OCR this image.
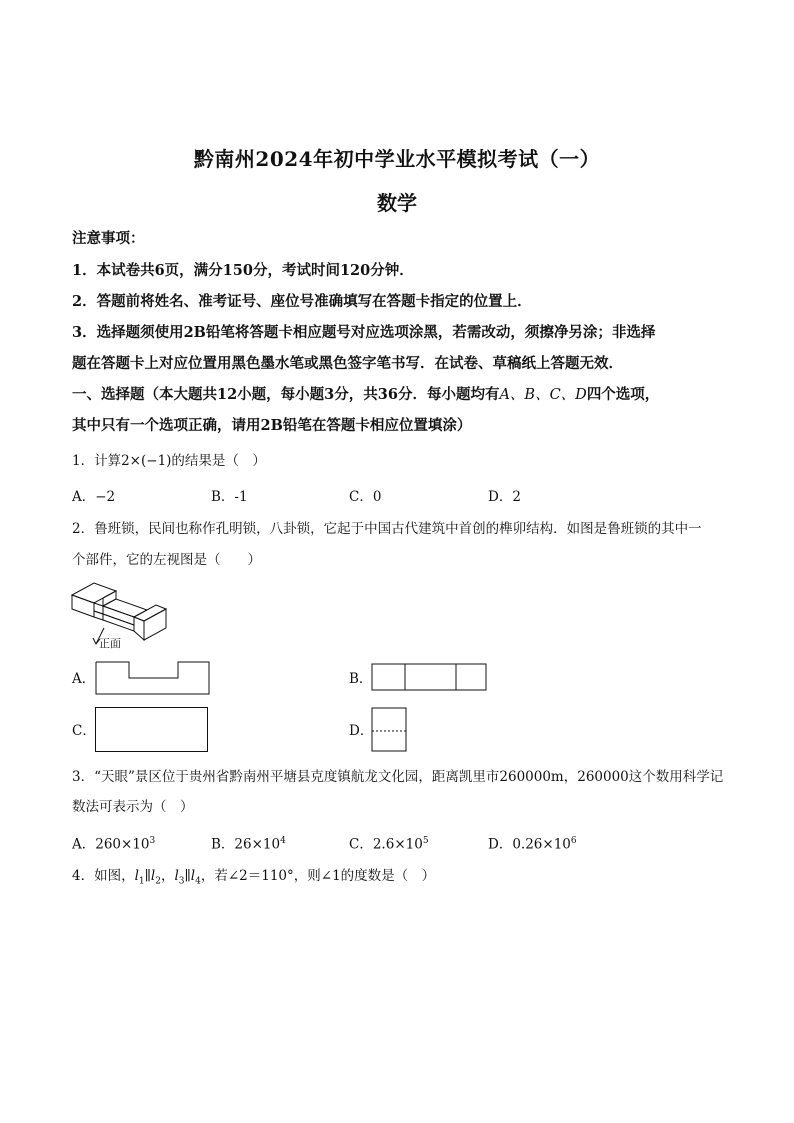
黔南州2024年初中学业水平模拟考试（一）
数学
注意事项：
1．本试卷共6页，满分150分，考试时间120分钟．
2．答题前将姓名、准考证号、座位号准确填写在答题卡指定的位置上．
3．选择题须使用2B铅笔将答题卡相应题号对应选项涂黑，若需改动，须擦净另涂；非选择
题在答题卡上对应位置用黑色墨水笔或黑色签字笔书写．在试卷、草稿纸上答题无效．
一、选择题（本大题共12小题，每小题3分，共36分．每小题均有A、B、C、D四个选项，
其中只有一个选项正确，请用2B铅笔在答题卡相应位置填涂）
1．计算2×(−1)的结果是（　）
A．−2	B．-1	C．0	D．2
2．鲁班锁，民间也称作孔明锁，八卦锁，它起于中国古代建筑中首创的榫卯结构．如图是鲁班锁的其中一
个部件，它的左视图是（　　）
正面
A．	B．
C．	D．
3．“天眼”景区位于贵州省黔南州平塘县克度镇航龙文化园，距离凯里市260000m，260000这个数用科学记
数法可表示为（　）
A．$260\times 10^3$	B．$26\times 10^4$	C．$2.6\times 10^5$	D．$0.26\times 10^6$
4．如图，$l_1\parallel l_2$，$l_3\parallel l_4$，若∠2＝110°，则∠1的度数是（　）
